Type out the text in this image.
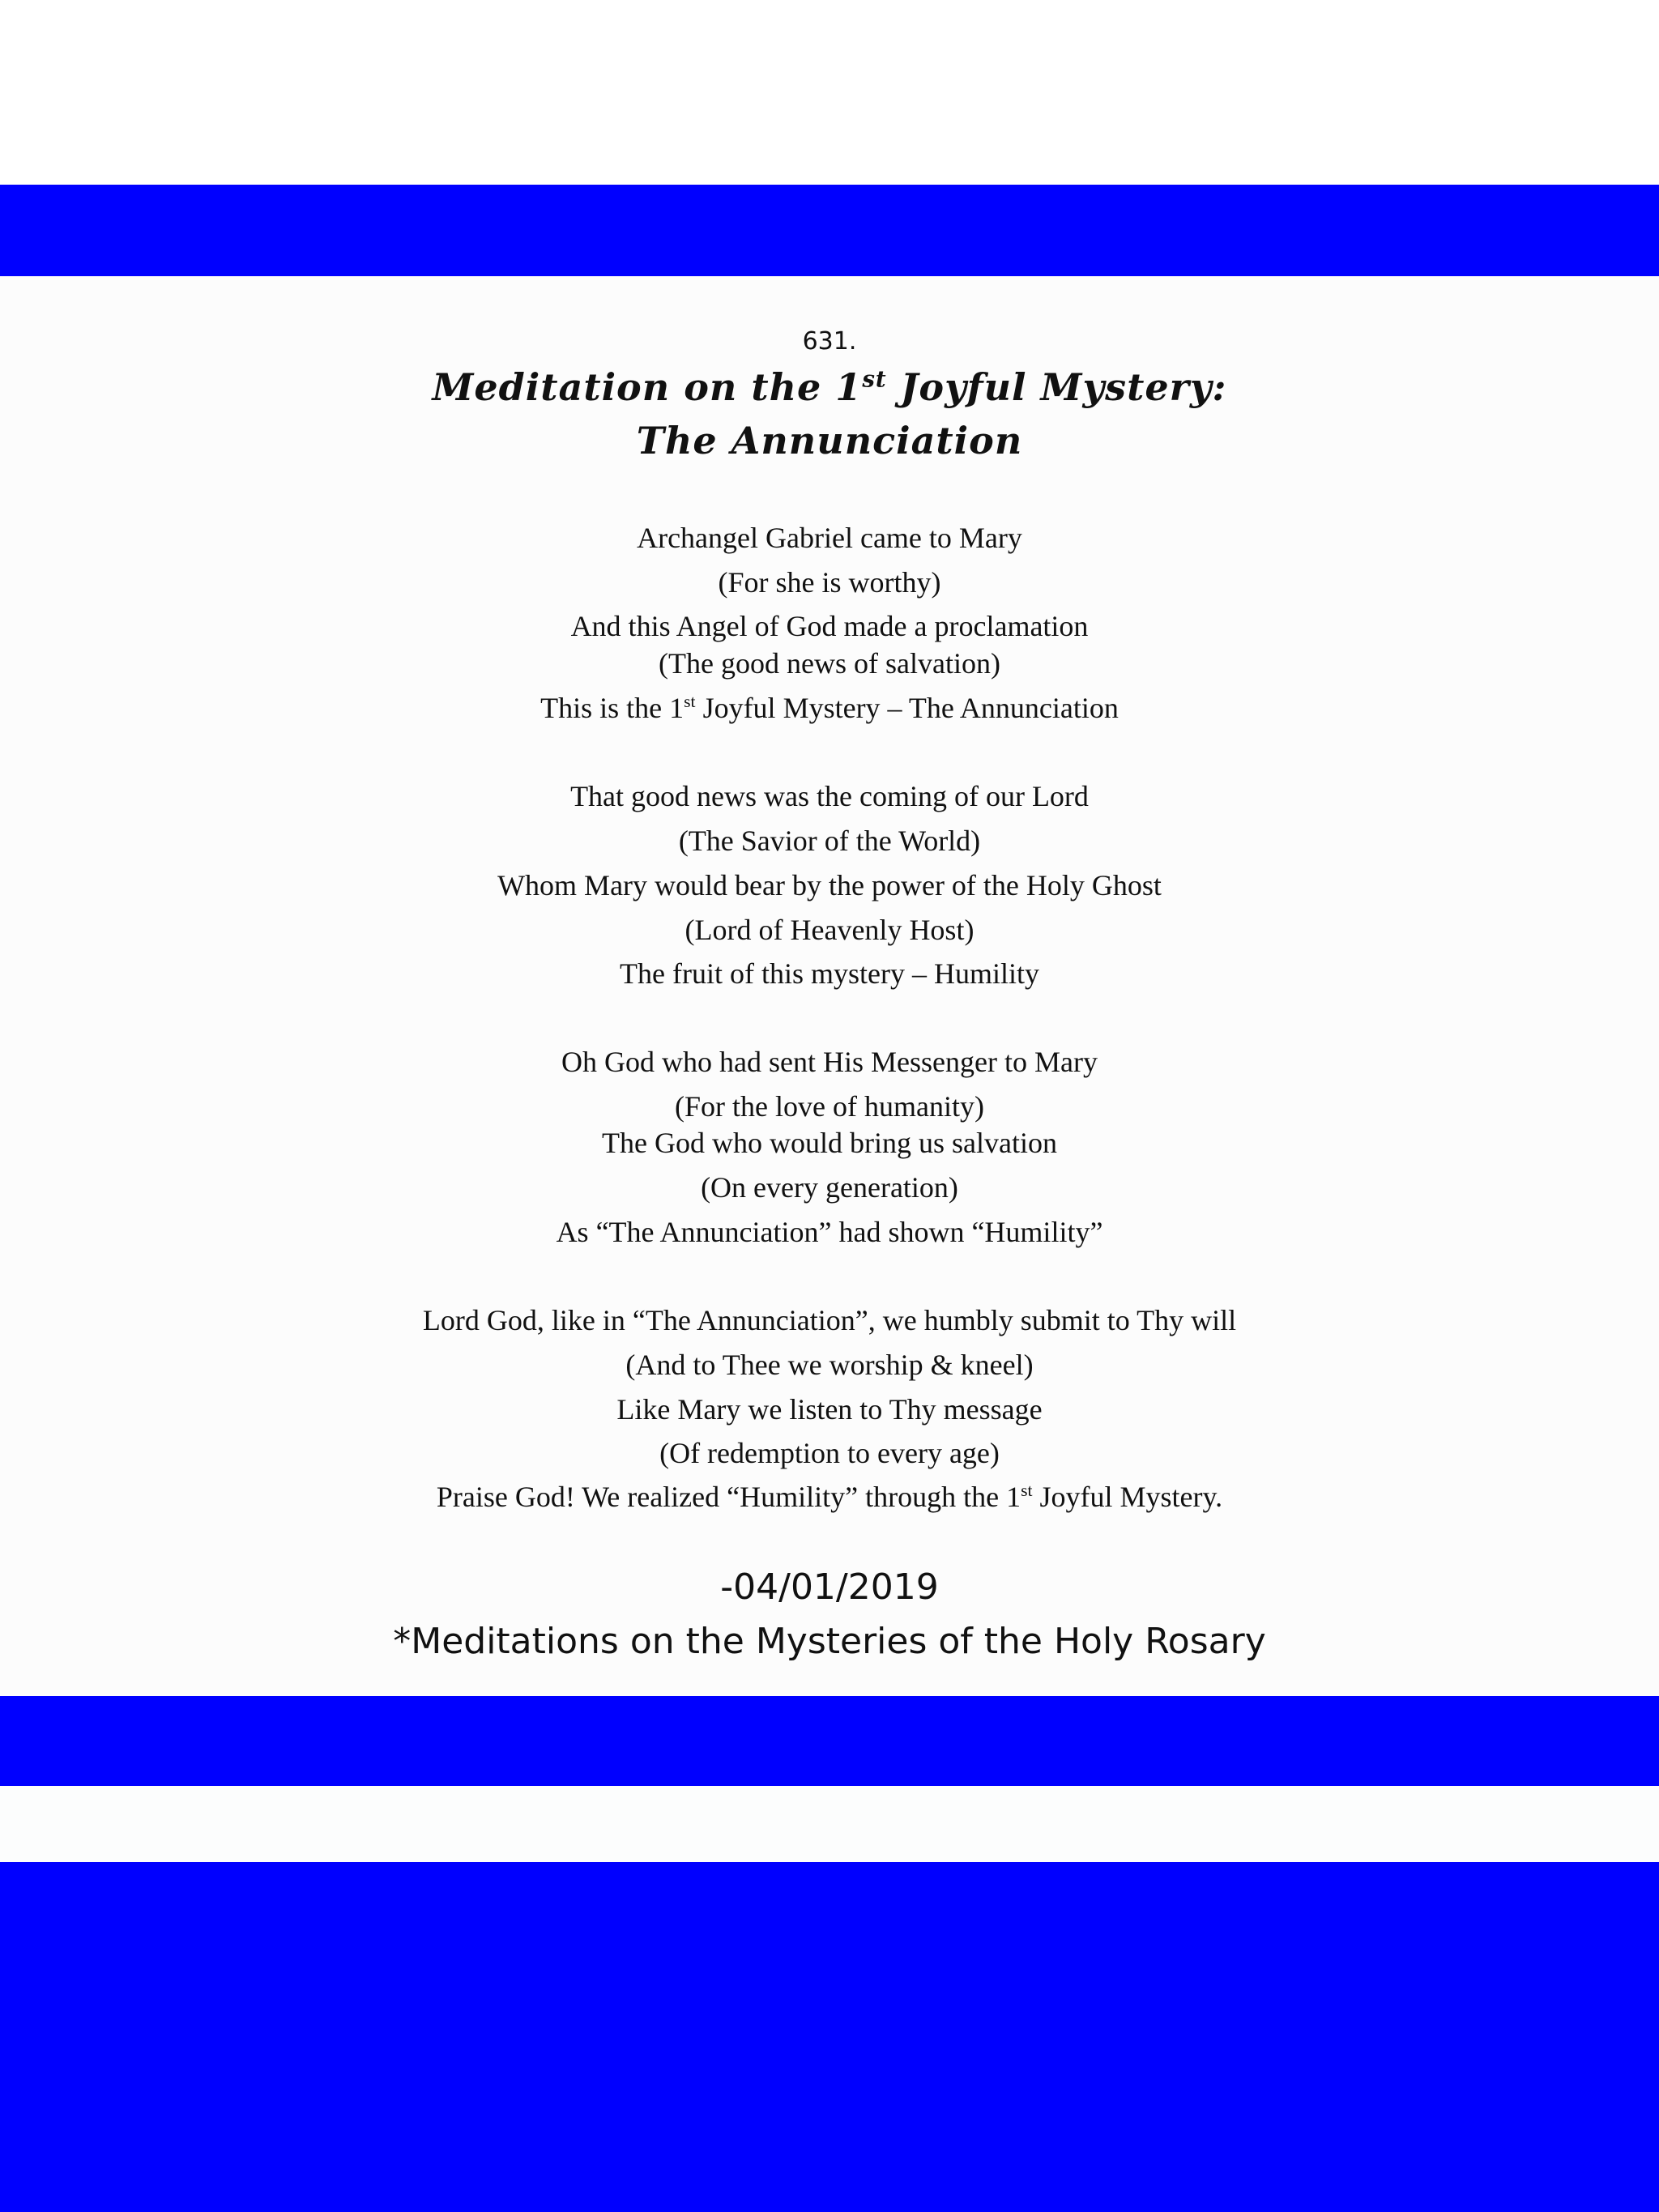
631.
Meditation on the 1st Joyful Mystery:
The Annunciation
Archangel Gabriel came to Mary
(For she is worthy)
And this Angel of God made a proclamation
(The good news of salvation)
This is the 1st Joyful Mystery – The Annunciation
That good news was the coming of our Lord
(The Savior of the World)
Whom Mary would bear by the power of the Holy Ghost
(Lord of Heavenly Host)
The fruit of this mystery – Humility
Oh God who had sent His Messenger to Mary
(For the love of humanity)
The God who would bring us salvation
(On every generation)
As “The Annunciation” had shown “Humility”
Lord God, like in “The Annunciation”, we humbly submit to Thy will
(And to Thee we worship & kneel)
Like Mary we listen to Thy message
(Of redemption to every age)
Praise God! We realized “Humility” through the 1st Joyful Mystery.
-04/01/2019
*Meditations on the Mysteries of the Holy Rosary
